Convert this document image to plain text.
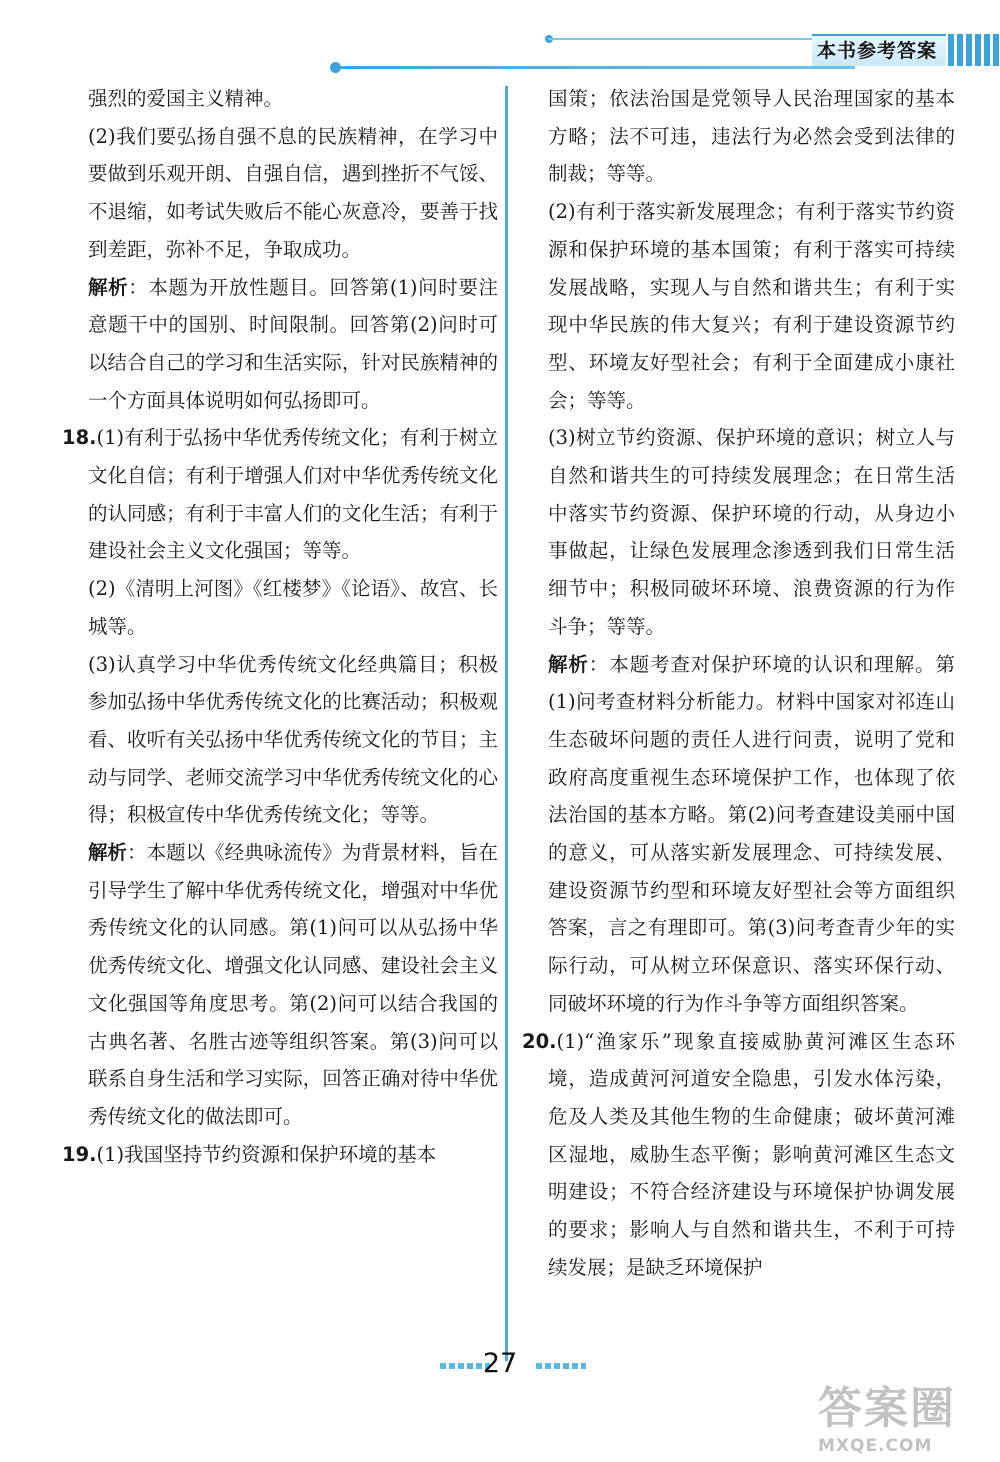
本书参考答案

强烈的爱国主义精神。

(2)我们要弘扬自强不息的民族精神，在学习中要做到乐观开朗、自强自信，遇到挫折不气馁、不退缩，如考试失败后不能心灰意冷，要善于找到差距，弥补不足，争取成功。

解析：本题为开放性题目。回答第(1)问时要注意题干中的国别、时间限制。回答第(2)问时可以结合自己的学习和生活实际，针对民族精神的一个方面具体说明如何弘扬即可。

18.(1)有利于弘扬中华优秀传统文化；有利于树立文化自信；有利于增强人们对中华优秀传统文化的认同感；有利于丰富人们的文化生活；有利于建设社会主义文化强国；等等。

(2)《清明上河图》《红楼梦》《论语》、故宫、长城等。

(3)认真学习中华优秀传统文化经典篇目；积极参加弘扬中华优秀传统文化的比赛活动；积极观看、收听有关弘扬中华优秀传统文化的节目；主动与同学、老师交流学习中华优秀传统文化的心得；积极宣传中华优秀传统文化；等等。

解析：本题以《经典咏流传》为背景材料，旨在引导学生了解中华优秀传统文化，增强对中华优秀传统文化的认同感。第(1)问可以从弘扬中华优秀传统文化、增强文化认同感、建设社会主义文化强国等角度思考。第(2)问可以结合我国的古典名著、名胜古迹等组织答案。第(3)问可以联系自身生活和学习实际，回答正确对待中华优秀传统文化的做法即可。

19.(1)我国坚持节约资源和保护环境的基本

国策；依法治国是党领导人民治理国家的基本方略；法不可违，违法行为必然会受到法律的制裁；等等。

(2)有利于落实新发展理念；有利于落实节约资源和保护环境的基本国策；有利于落实可持续发展战略，实现人与自然和谐共生；有利于实现中华民族的伟大复兴；有利于建设资源节约型、环境友好型社会；有利于全面建成小康社会；等等。

(3)树立节约资源、保护环境的意识；树立人与自然和谐共生的可持续发展理念；在日常生活中落实节约资源、保护环境的行动，从身边小事做起，让绿色发展理念渗透到我们日常生活细节中；积极同破坏环境、浪费资源的行为作斗争；等等。

解析：本题考查对保护环境的认识和理解。第(1)问考查材料分析能力。材料中国家对祁连山生态破坏问题的责任人进行问责，说明了党和政府高度重视生态环境保护工作，也体现了依法治国的基本方略。第(2)问考查建设美丽中国的意义，可从落实新发展理念、可持续发展、建设资源节约型和环境友好型社会等方面组织答案，言之有理即可。第(3)问考查青少年的实际行动，可从树立环保意识、落实环保行动、同破坏环境的行为作斗争等方面组织答案。

20.(1)“渔家乐”现象直接威胁黄河滩区生态环境，造成黄河河道安全隐患，引发水体污染，危及人类及其他生物的生命健康；破坏黄河滩区湿地，威胁生态平衡；影响黄河滩区生态文明建设；不符合经济建设与环境保护协调发展的要求；影响人与自然和谐共生，不利于可持续发展；是缺乏环境保护

27
答案圈
MXQE.COM
